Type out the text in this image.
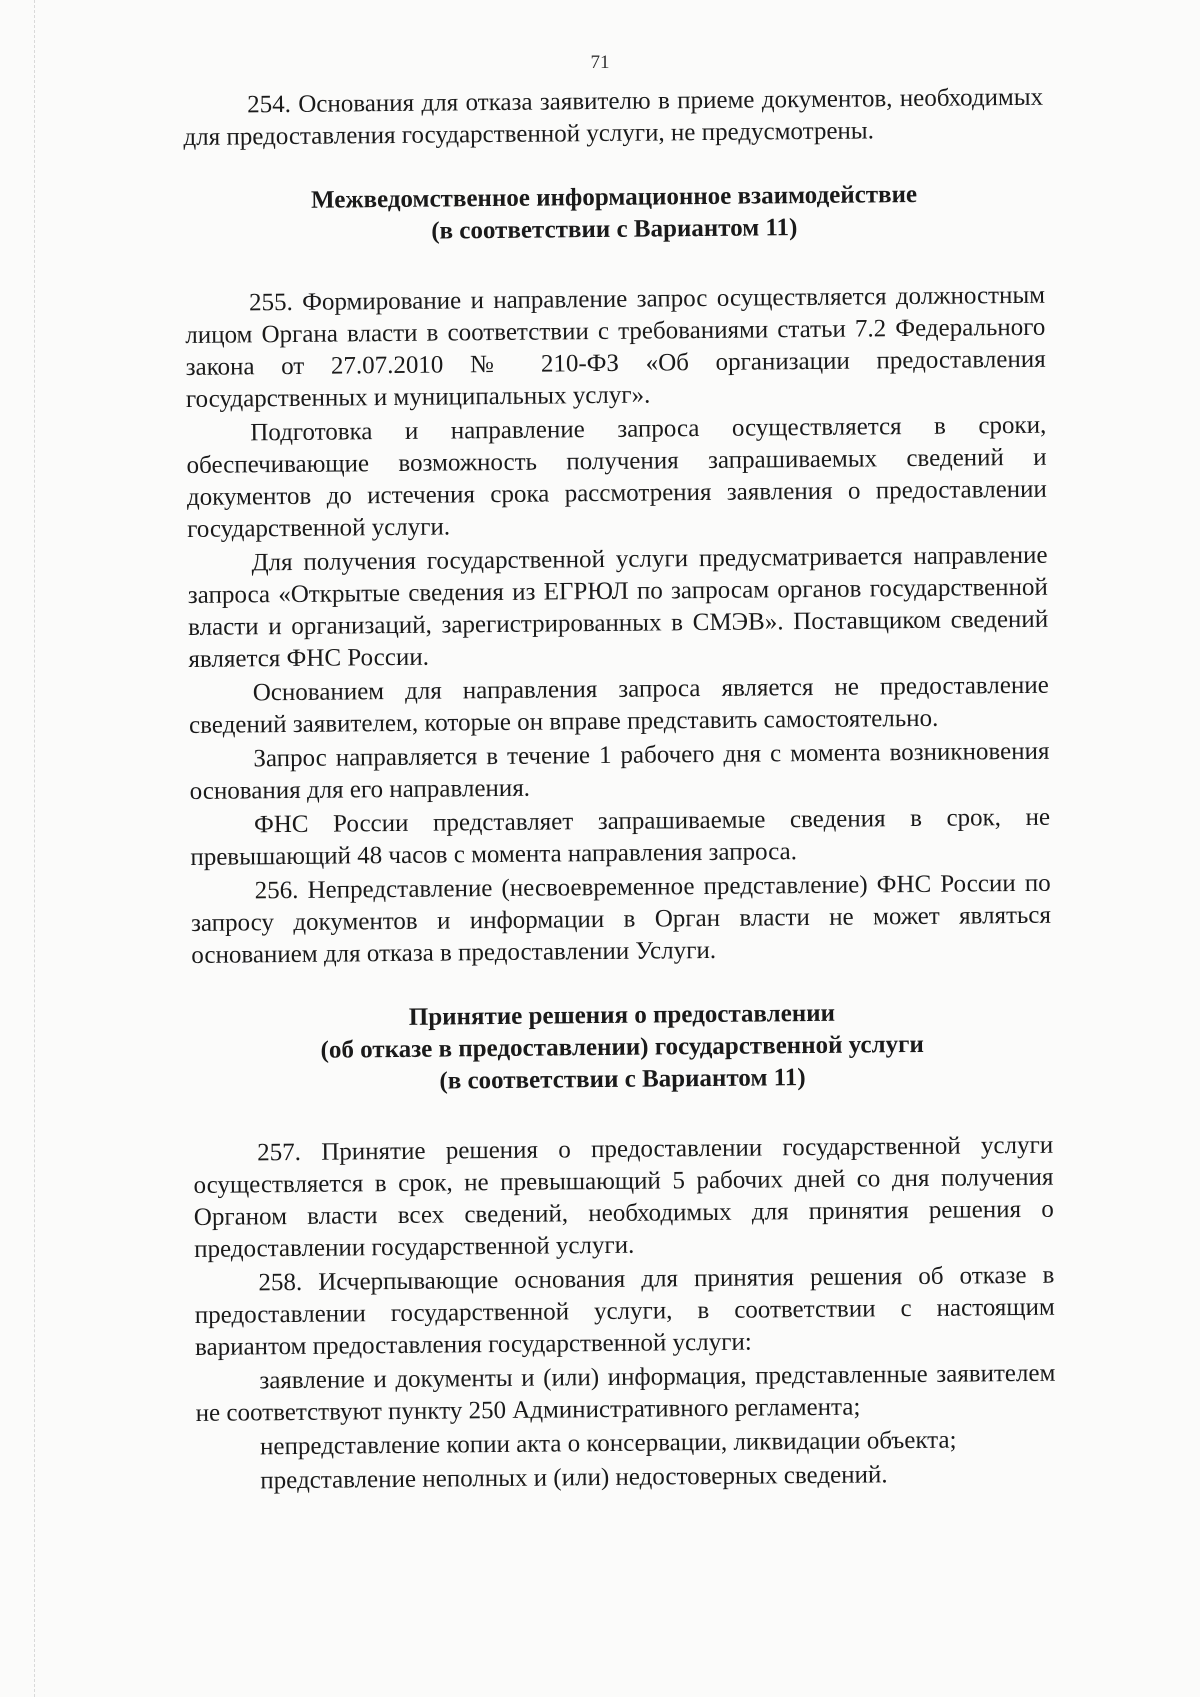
71

254. Основания для отказа заявителю в приеме документов, необходимых для предоставления государственной услуги, не предусмотрены.

Межведомственное информационное взаимодействие

(в соответствии с Вариантом 11)

255. Формирование и направление запрос осуществляется должностным лицом Органа власти в соответствии с требованиями статьи 7.2 Федерального закона от 27.07.2010 № 210-ФЗ «Об организации предоставления государственных и муниципальных услуг».

Подготовка и направление запроса осуществляется в сроки, обеспечивающие возможность получения запрашиваемых сведений и документов до истечения срока рассмотрения заявления о предоставлении государственной услуги.

Для получения государственной услуги предусматривается направление запроса «Открытые сведения из ЕГРЮЛ по запросам органов государственной власти и организаций, зарегистрированных в СМЭВ». Поставщиком сведений является ФНС России.

Основанием для направления запроса является не предоставление сведений заявителем, которые он вправе представить самостоятельно.

Запрос направляется в течение 1 рабочего дня с момента возникновения основания для его направления.

ФНС России представляет запрашиваемые сведения в срок, не превышающий 48 часов с момента направления запроса.

256. Непредставление (несвоевременное представление) ФНС России по запросу документов и информации в Орган власти не может являться основанием для отказа в предоставлении Услуги.

Принятие решения о предоставлении

(об отказе в предоставлении) государственной услуги

(в соответствии с Вариантом 11)

257. Принятие решения о предоставлении государственной услуги осуществляется в срок, не превышающий 5 рабочих дней со дня получения Органом власти всех сведений, необходимых для принятия решения о предоставлении государственной услуги.

258. Исчерпывающие основания для принятия решения об отказе в предоставлении государственной услуги, в соответствии с настоящим вариантом предоставления государственной услуги:

заявление и документы и (или) информация, представленные заявителем не соответствуют пункту 250 Административного регламента;

непредставление копии акта о консервации, ликвидации объекта;

представление неполных и (или) недостоверных сведений.
